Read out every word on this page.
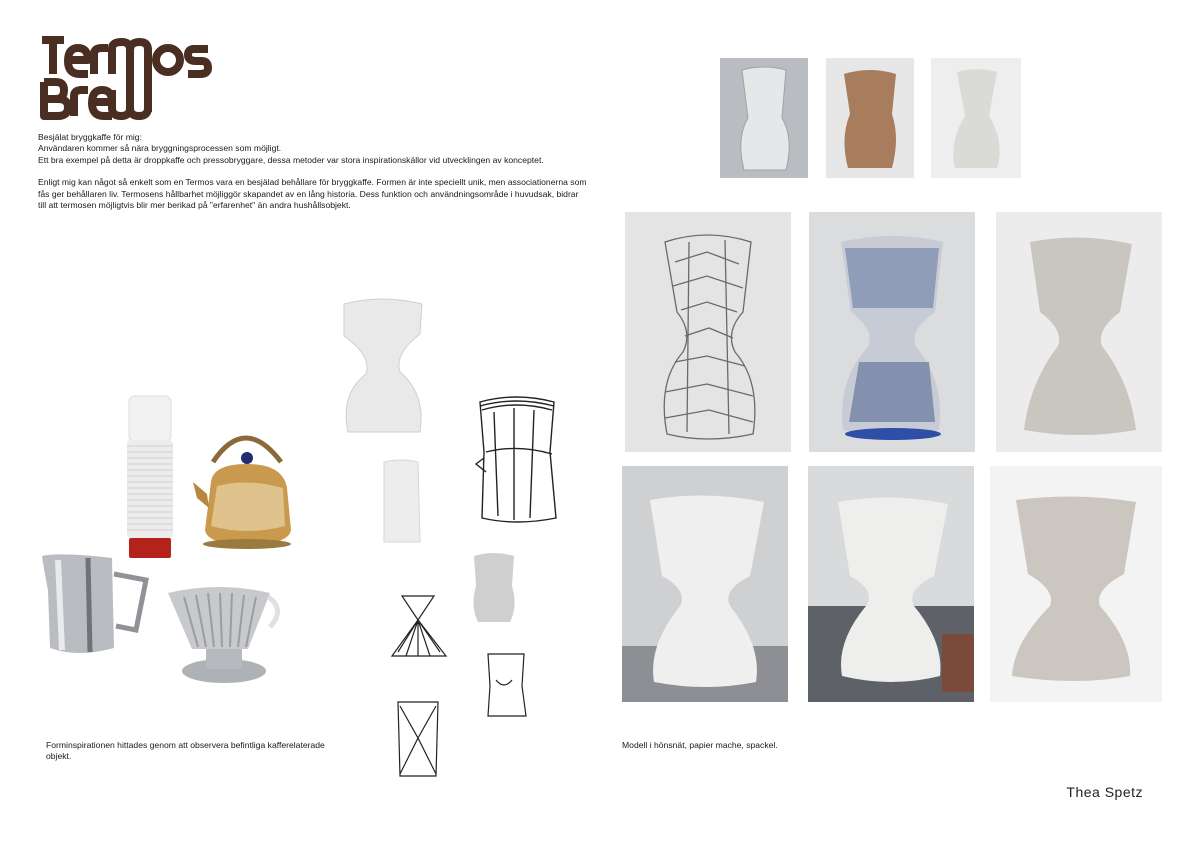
Besjälat bryggkaffe för mig:
Användaren kommer så nära bryggningsprocessen som möjligt.
Ett bra exempel på detta är droppkaffe och pressobryggare, dessa metoder var stora inspirationskällor vid utvecklingen av konceptet.

Enligt mig kan något så enkelt som en Termos vara en besjälad behållare för bryggkaffe. Formen är inte speciellt unik, men associationerna som fås ger behållaren liv. Termosens hållbarhet möjliggör skapandet av en lång historia. Dess funktion och användningsområde i huvudsak, bidrar till att termosen möjligtvis blir mer berikad på "erfarenhet" än andra hushållsobjekt.

Forminspirationen hittades genom att observera befintliga kafferelaterade objekt.
Modell i hönsnät, papier mache, spackel.
Thea Spetz
